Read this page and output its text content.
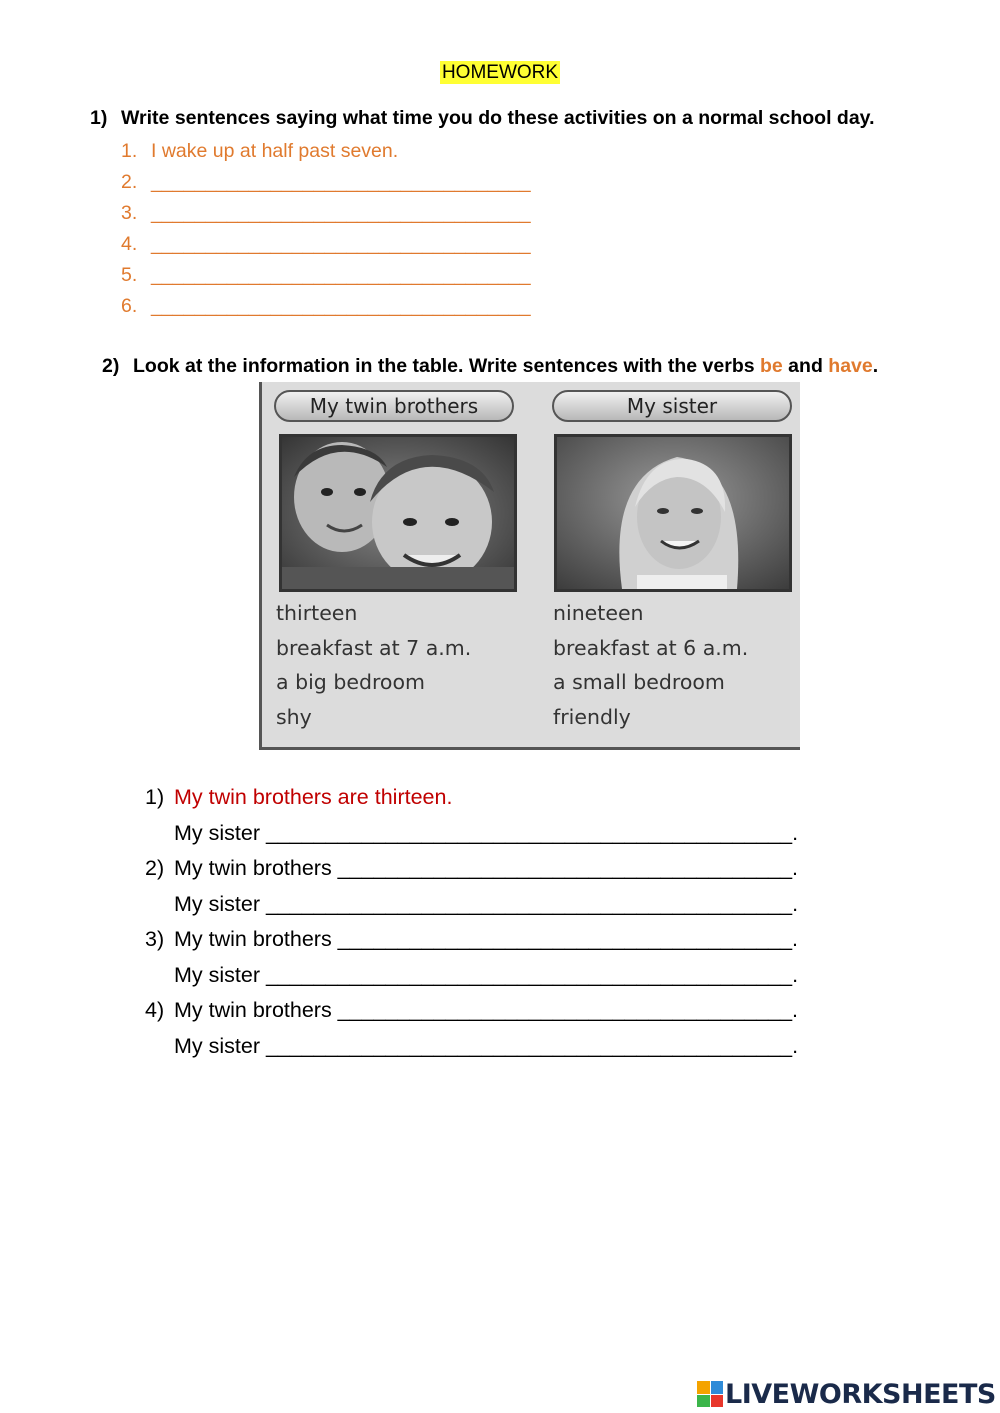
HOMEWORK
1) Write sentences saying what time you do these activities on a normal school day.
1. I wake up at half past seven.
2. ___________________________________
3. ___________________________________
4. ___________________________________
5. ___________________________________
6. ___________________________________
2) Look at the information in the table. Write sentences with the verbs be and have.
My twin brothers	My sister
thirteen
breakfast at 7 a.m.
a big bedroom
shy
nineteen
breakfast at 6 a.m.
a small bedroom
friendly
1) My twin brothers are thirteen.
My sister ____________________________________________.
2) My twin brothers ______________________________________.
My sister ____________________________________________.
3) My twin brothers ______________________________________.
My sister ____________________________________________.
4) My twin brothers ______________________________________.
My sister ____________________________________________.
LIVEWORKSHEETS
